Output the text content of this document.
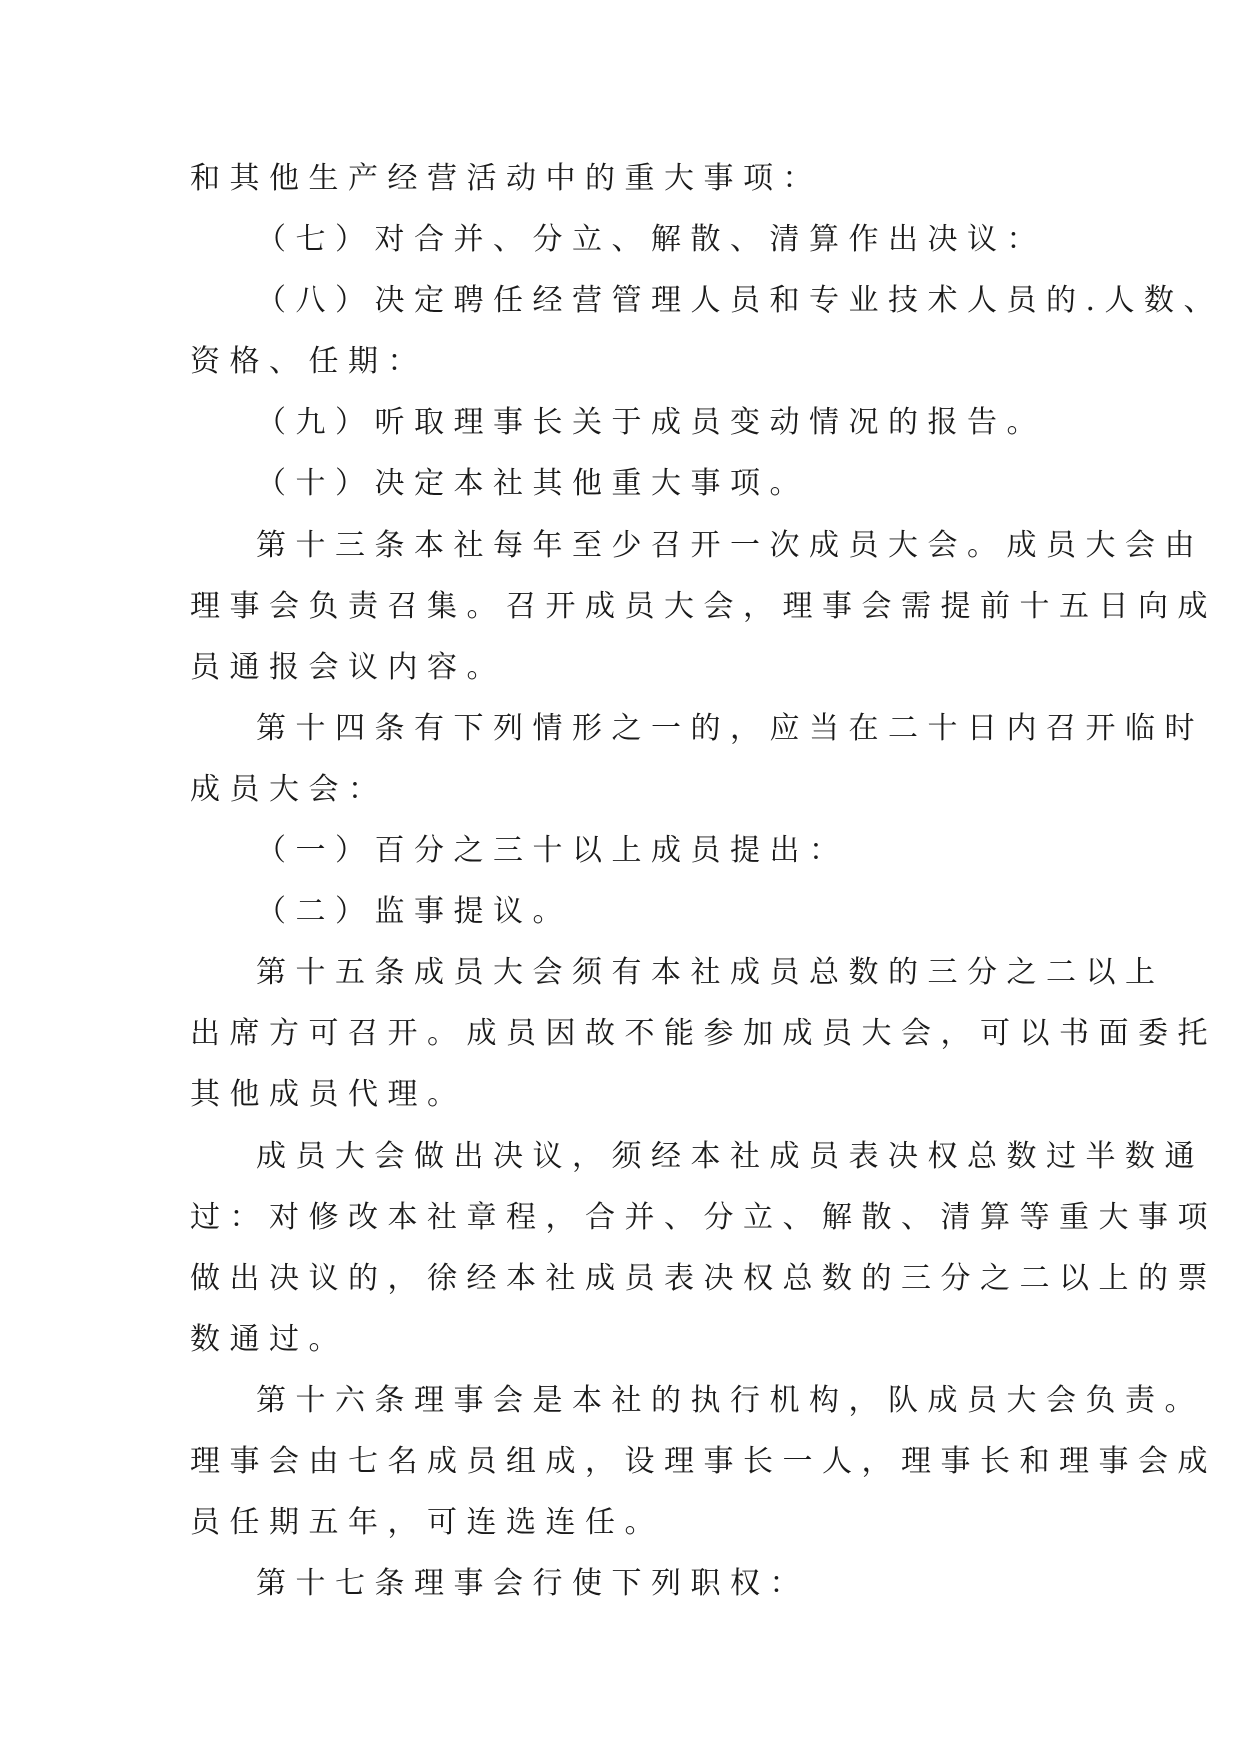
和其他生产经营活动中的重大事项：
（七）对合并、分立、解散、清算作出决议：
（八）决定聘任经营管理人员和专业技术人员的.人数、
资格、任期：
（九）听取理事长关于成员变动情况的报告。
（十）决定本社其他重大事项。
第十三条本社每年至少召开一次成员大会。成员大会由
理事会负责召集。召开成员大会，理事会需提前十五日向成
员通报会议内容。
第十四条有下列情形之一的，应当在二十日内召开临时
成员大会：
（一）百分之三十以上成员提出：
（二）监事提议。
第十五条成员大会须有本社成员总数的三分之二以上
出席方可召开。成员因故不能参加成员大会，可以书面委托
其他成员代理。
成员大会做出决议，须经本社成员表决权总数过半数通
过：对修改本社章程，合并、分立、解散、清算等重大事项
做出决议的，徐经本社成员表决权总数的三分之二以上的票
数通过。
第十六条理事会是本社的执行机构，队成员大会负责。
理事会由七名成员组成，设理事长一人，理事长和理事会成
员任期五年，可连选连任。
第十七条理事会行使下列职权：
